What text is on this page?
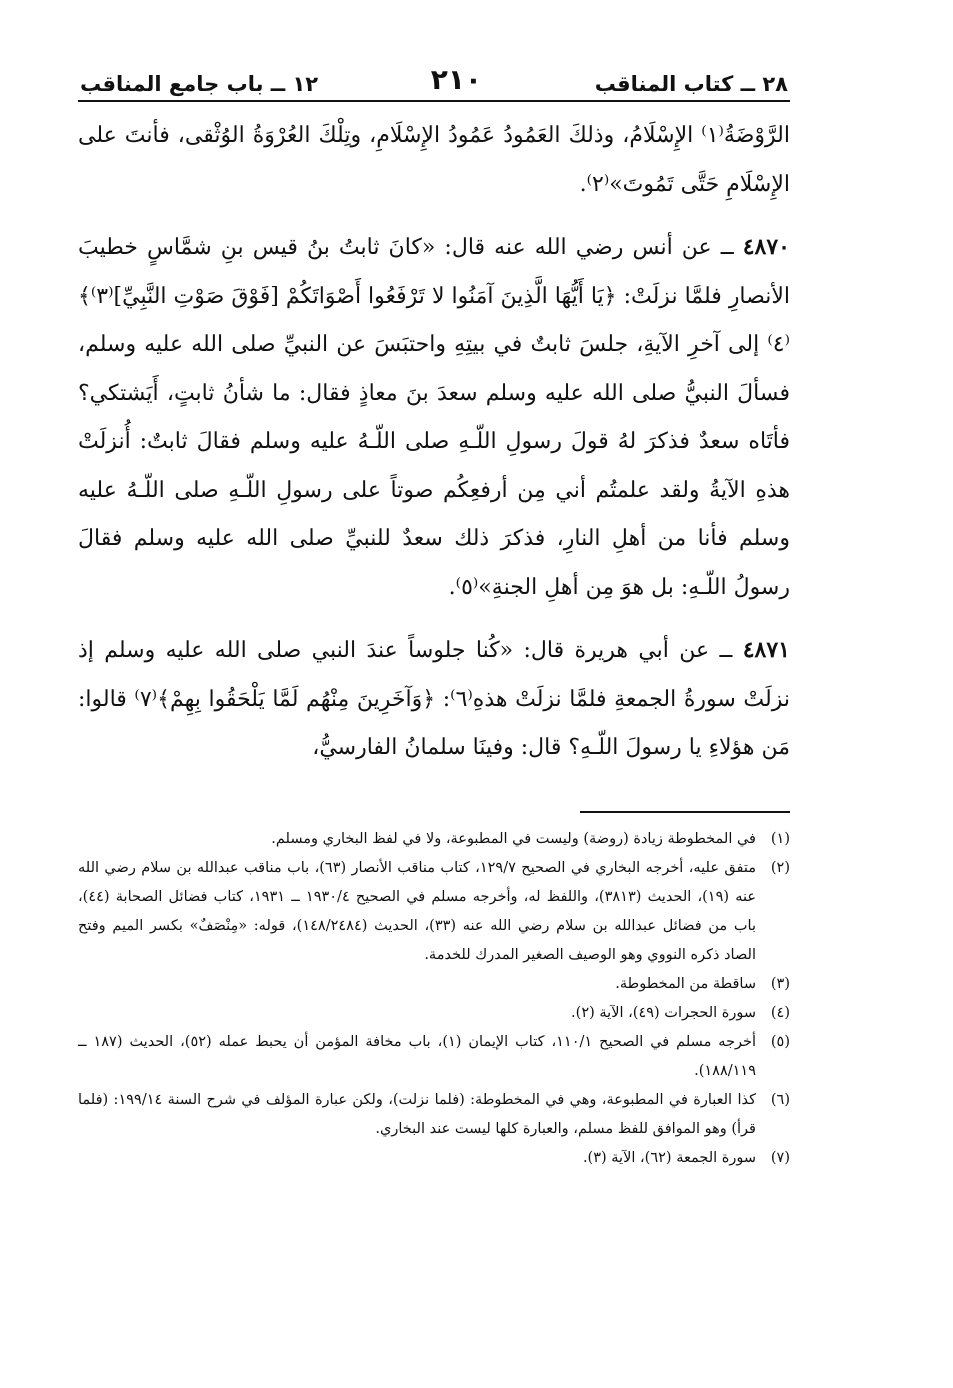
٢٨ ــ كتاب المناقب
٢١٠
١٢ ــ باب جامع المناقب

الرَّوْضَةُ⁽١⁾ الإِسْلَامُ، وذلكَ العَمُودُ عَمُودُ الإِسْلَامِ، وتِلْكَ العُرْوَةُ الوُثْقى، فأنتَ على الإِسْلَامِ حَتَّى تَمُوتَ»⁽٢⁾.

٤٨٧٠ ــ عن أنس رضي الله عنه قال: «كانَ ثابتُ بنُ قيس بنِ شمَّاسٍ خطيبَ الأنصارِ فلمَّا نزلَتْ: ﴿يَا أَيُّهَا الَّذِينَ آمَنُوا لا تَرْفَعُوا أَصْوَاتَكُمْ [فَوْقَ صَوْتِ النَّبِيِّ]⁽٣⁾﴾⁽٤⁾ إلى آخرِ الآيةِ، جلسَ ثابتٌ في بيتِهِ واحتبَسَ عن النبيِّ صلى الله عليه وسلم، فسألَ النبيُّ صلى الله عليه وسلم سعدَ بنَ معاذٍ فقال: ما شأنُ ثابتٍ، أَيَشتكي؟ فأتَاه سعدٌ فذكرَ لهُ قولَ رسولِ اللّـهِ صلى اللّـهُ عليه وسلم فقالَ ثابتٌ: أُنزلَتْ هذهِ الآيةُ ولقد علمتُم أني مِن أرفعِكُم صوتاً على رسولِ اللّـهِ صلى اللّـهُ عليه وسلم فأنا من أهلِ النارِ، فذكرَ ذلك سعدٌ للنبيِّ صلى الله عليه وسلم فقالَ رسولُ اللّـهِ: بل هوَ مِن أهلِ الجنةِ»⁽٥⁾.

٤٨٧١ ــ عن أبي هريرة قال: «كُنا جلوساً عندَ النبي صلى الله عليه وسلم إذ نزلَتْ سورةُ الجمعةِ فلمَّا نزلَتْ هذهِ⁽٦⁾: ﴿وَآخَرِينَ مِنْهُم لَمَّا يَلْحَقُوا بِهِمْ﴾⁽٧⁾ قالوا: مَن هؤلاءِ يا رسولَ اللّـهِ؟ قال: وفينَا سلمانُ الفارسيُّ،

(١)
في المخطوطة زيادة (روضة) وليست في المطبوعة، ولا في لفظ البخاري ومسلم.
(٢)
متفق عليه، أخرجه البخاري في الصحيح ١٢٩/٧، كتاب مناقب الأنصار (٦٣)، باب مناقب عبدالله بن سلام رضي الله عنه (١٩)، الحديث (٣٨١٣)، واللفظ له، وأخرجه مسلم في الصحيح ١٩٣٠/٤ ــ ١٩٣١، كتاب فضائل الصحابة (٤٤)، باب من فضائل عبدالله بن سلام رضي الله عنه (٣٣)، الحديث (١٤٨/٢٤٨٤)، قوله: «مِنْصَفٌ» بكسر الميم وفتح الصاد ذكره النووي وهو الوصيف الصغير المدرك للخدمة.
(٣)
ساقطة من المخطوطة.
(٤)
سورة الحجرات (٤٩)، الآية (٢).
(٥)
أخرجه مسلم في الصحيح ١١٠/١، كتاب الإيمان (١)، باب مخافة المؤمن أن يحبط عمله (٥٢)، الحديث (١٨٧ ــ ١٨٨/١١٩).
(٦)
كذا العبارة في المطبوعة، وهي في المخطوطة: (فلما نزلت)، ولكن عبارة المؤلف في شرح السنة ١٩٩/١٤: (فلما قرأ) وهو الموافق للفظ مسلم، والعبارة كلها ليست عند البخاري.
(٧)
سورة الجمعة (٦٢)، الآية (٣).
